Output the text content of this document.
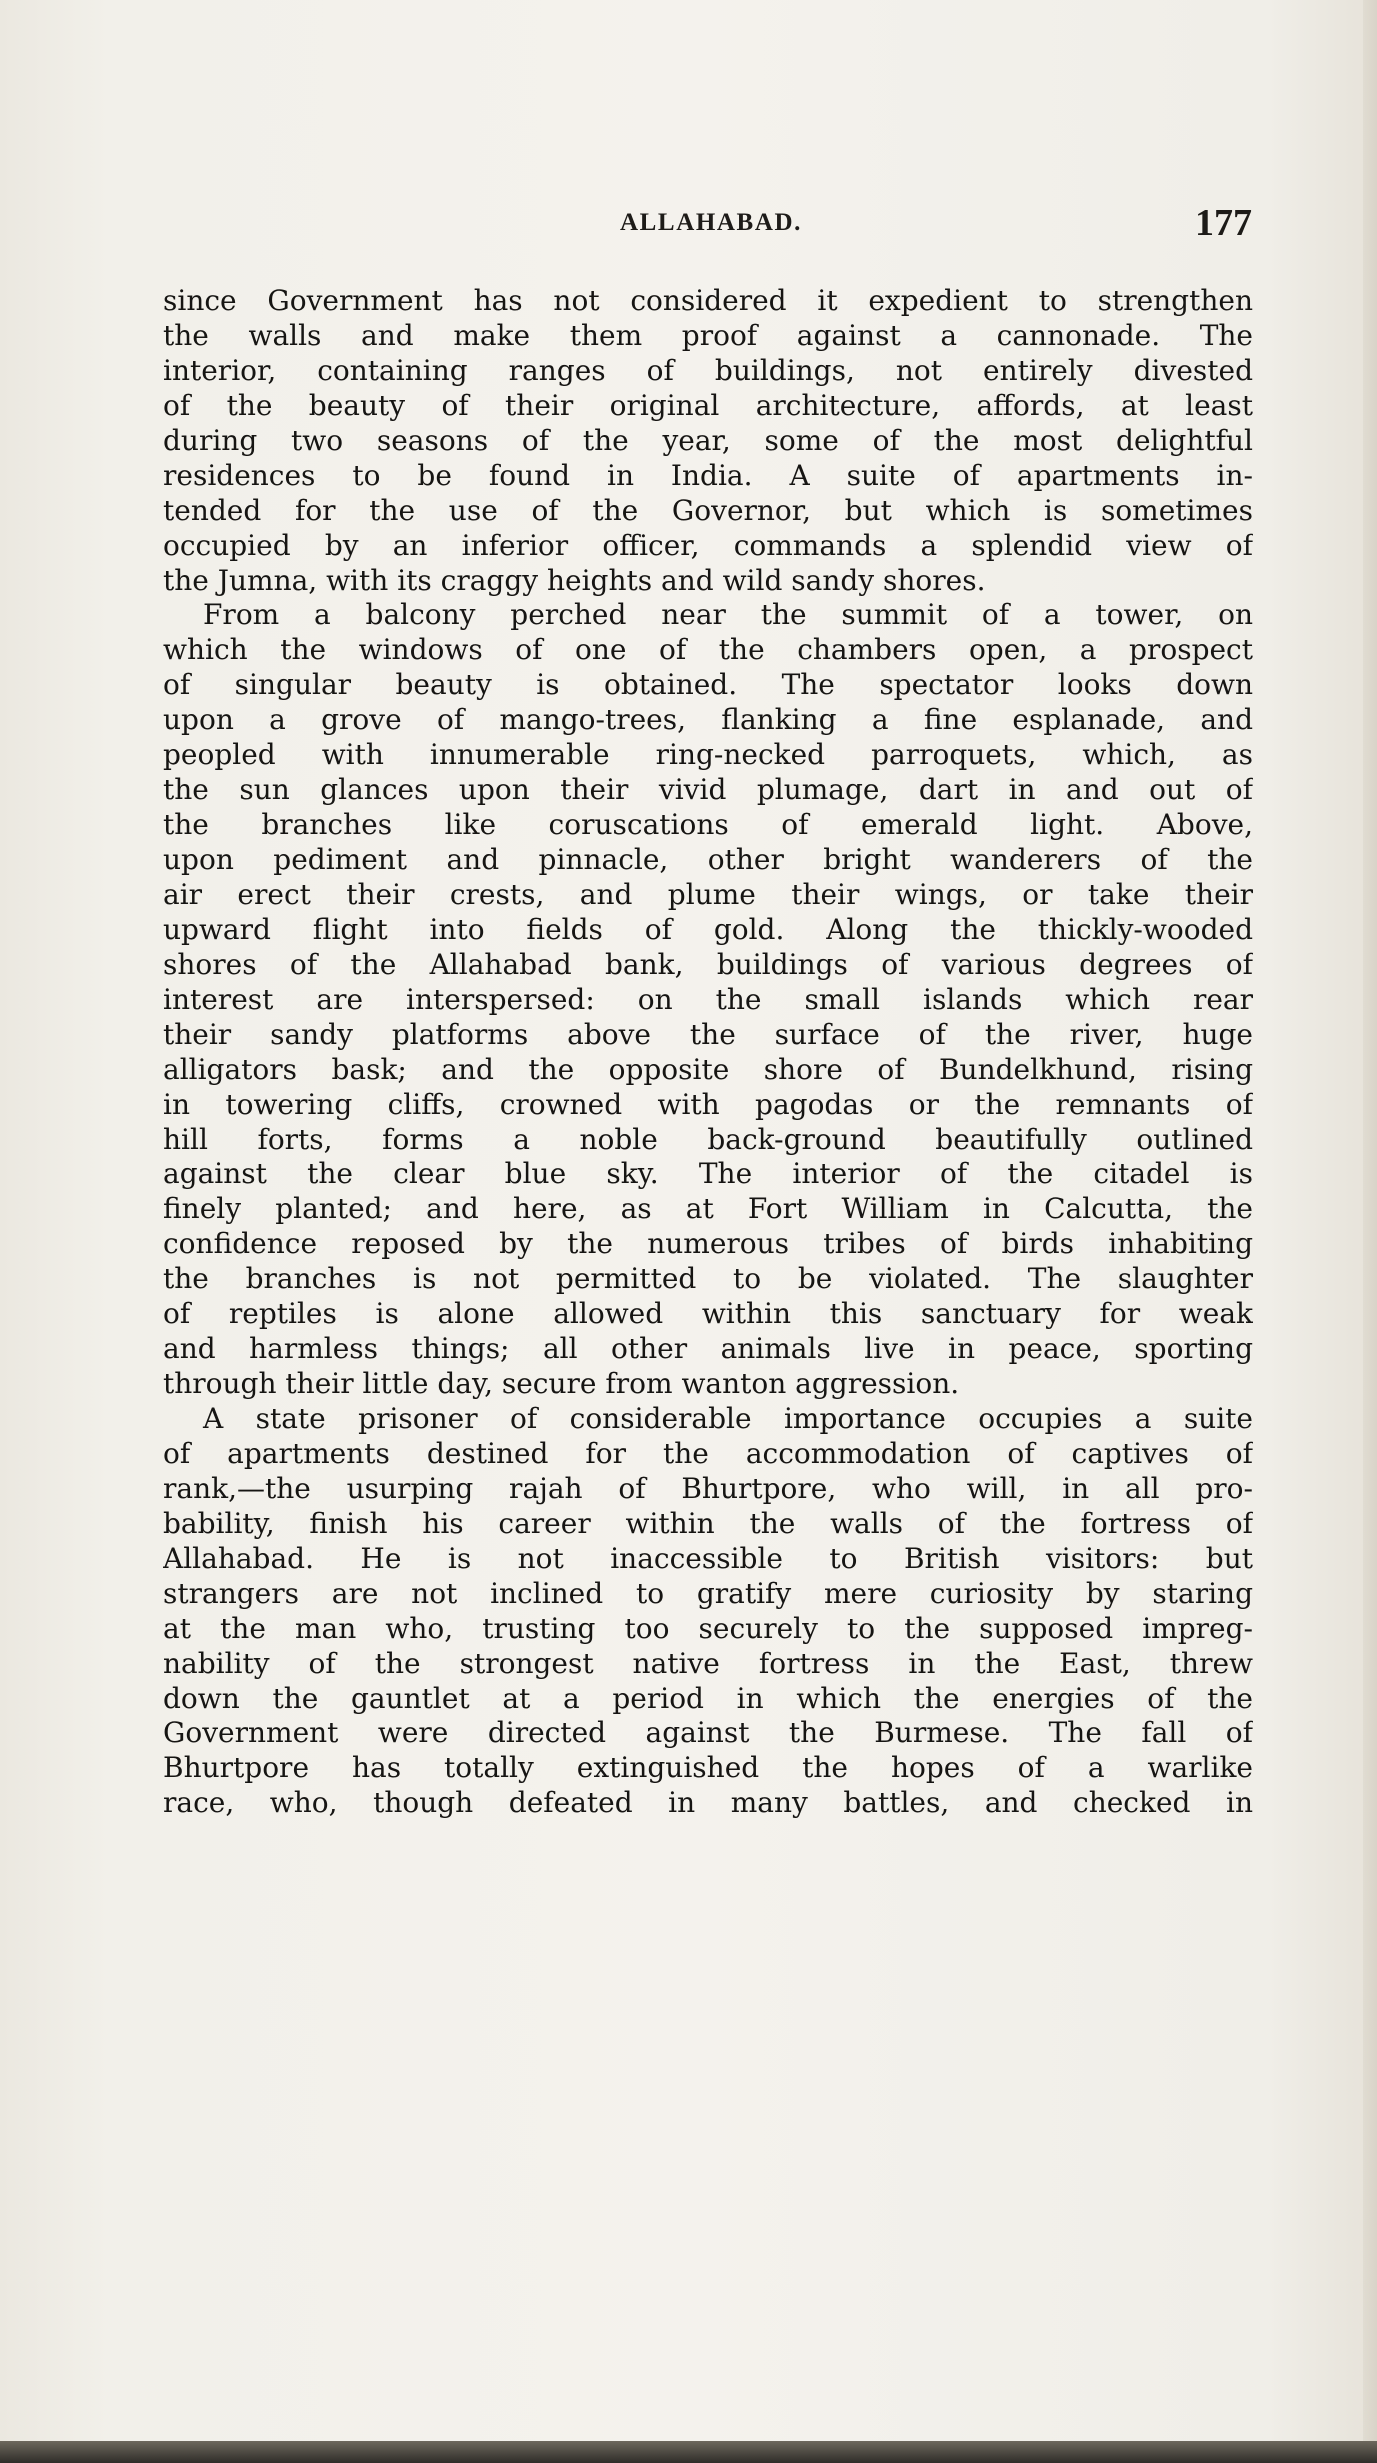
ALLAHABAD.	177
since Government has not considered it expedient to strengthen
the walls and make them proof against a cannonade. The
interior, containing ranges of buildings, not entirely divested
of the beauty of their original architecture, affords, at least
during two seasons of the year, some of the most delightful
residences to be found in India. A suite of apartments in-
tended for the use of the Governor, but which is sometimes
occupied by an inferior officer, commands a splendid view of
the Jumna, with its craggy heights and wild sandy shores.
From a balcony perched near the summit of a tower, on
which the windows of one of the chambers open, a prospect
of singular beauty is obtained. The spectator looks down
upon a grove of mango-trees, flanking a fine esplanade, and
peopled with innumerable ring-necked parroquets, which, as
the sun glances upon their vivid plumage, dart in and out of
the branches like coruscations of emerald light. Above,
upon pediment and pinnacle, other bright wanderers of the
air erect their crests, and plume their wings, or take their
upward flight into fields of gold. Along the thickly-wooded
shores of the Allahabad bank, buildings of various degrees of
interest are interspersed: on the small islands which rear
their sandy platforms above the surface of the river, huge
alligators bask; and the opposite shore of Bundelkhund, rising
in towering cliffs, crowned with pagodas or the remnants of
hill forts, forms a noble back-ground beautifully outlined
against the clear blue sky. The interior of the citadel is
finely planted; and here, as at Fort William in Calcutta, the
confidence reposed by the numerous tribes of birds inhabiting
the branches is not permitted to be violated. The slaughter
of reptiles is alone allowed within this sanctuary for weak
and harmless things; all other animals live in peace, sporting
through their little day, secure from wanton aggression.
A state prisoner of considerable importance occupies a suite
of apartments destined for the accommodation of captives of
rank,—the usurping rajah of Bhurtpore, who will, in all pro-
bability, finish his career within the walls of the fortress of
Allahabad. He is not inaccessible to British visitors: but
strangers are not inclined to gratify mere curiosity by staring
at the man who, trusting too securely to the supposed impreg-
nability of the strongest native fortress in the East, threw
down the gauntlet at a period in which the energies of the
Government were directed against the Burmese. The fall of
Bhurtpore has totally extinguished the hopes of a warlike
race, who, though defeated in many battles, and checked in
